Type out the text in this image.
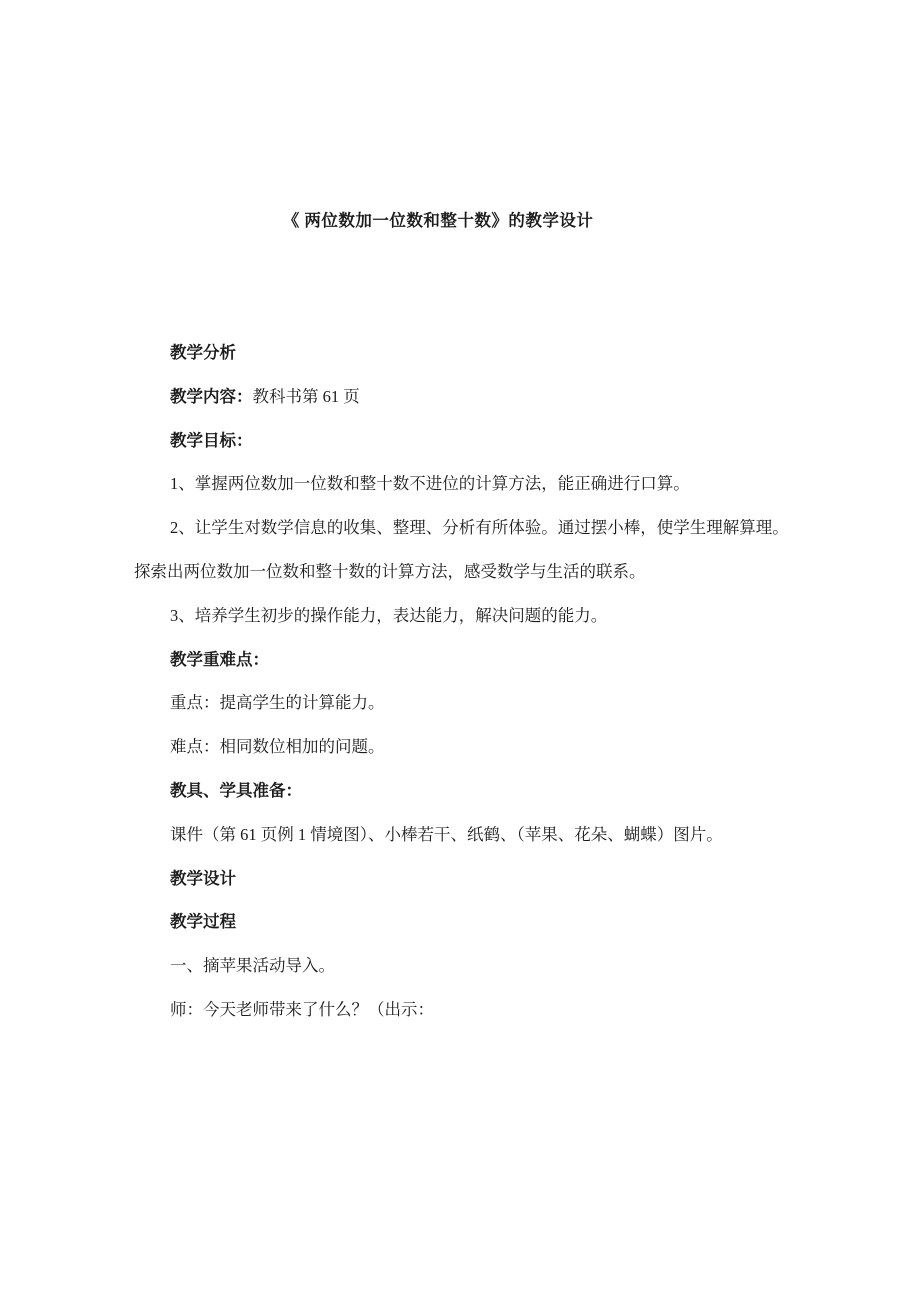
《 两位数加一位数和整十数》的教学设计

教学分析

教学内容：教科书第 61 页

教学目标：

1、掌握两位数加一位数和整十数不进位的计算方法，能正确进行口算。

2、让学生对数学信息的收集、整理、分析有所体验。通过摆小棒，使学生理解算理。

探索出两位数加一位数和整十数的计算方法，感受数学与生活的联系。

3、培养学生初步的操作能力，表达能力，解决问题的能力。

教学重难点：

重点：提高学生的计算能力。

难点：相同数位相加的问题。

教具、学具准备：

课件（第 61 页例 1 情境图）、小棒若干、纸鹤、（苹果、花朵、蝴蝶）图片。

教学设计

教学过程

一、摘苹果活动导入。

师：今天老师带来了什么？（出示：
